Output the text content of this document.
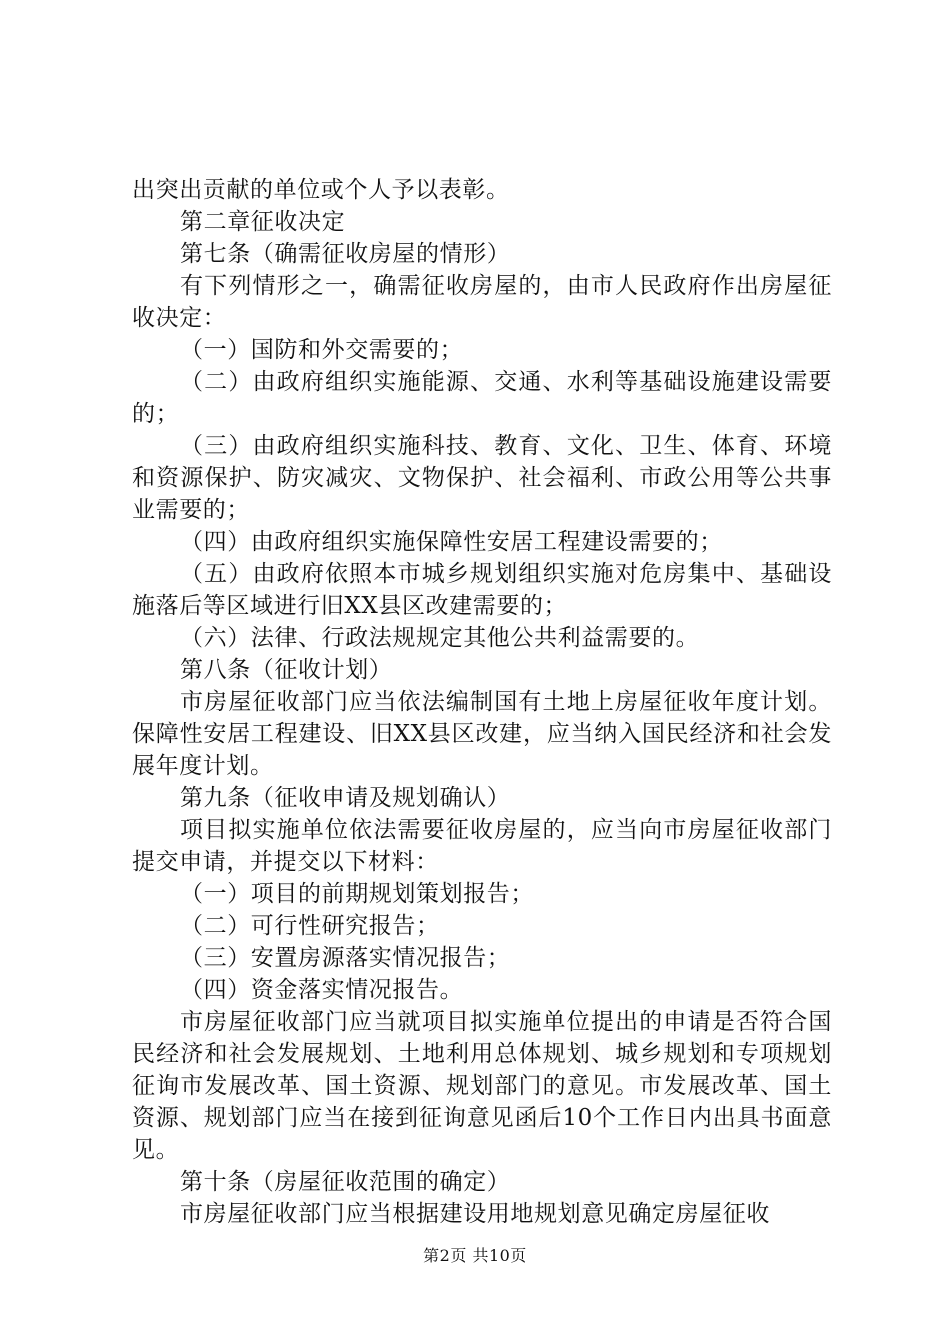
出突出贡献的单位或个人予以表彰。

第二章征收决定

第七条（确需征收房屋的情形）

有下列情形之一，确需征收房屋的，由市人民政府作出房屋征收决定：

（一）国防和外交需要的；

（二）由政府组织实施能源、交通、水利等基础设施建设需要的；

（三）由政府组织实施科技、教育、文化、卫生、体育、环境和资源保护、防灾减灾、文物保护、社会福利、市政公用等公共事业需要的；

（四）由政府组织实施保障性安居工程建设需要的；

（五）由政府依照本市城乡规划组织实施对危房集中、基础设施落后等区域进行旧XX县区改建需要的；

（六）法律、行政法规规定其他公共利益需要的。

第八条（征收计划）

市房屋征收部门应当依法编制国有土地上房屋征收年度计划。保障性安居工程建设、旧XX县区改建，应当纳入国民经济和社会发展年度计划。

第九条（征收申请及规划确认）

项目拟实施单位依法需要征收房屋的，应当向市房屋征收部门提交申请，并提交以下材料：

（一）项目的前期规划策划报告；

（二）可行性研究报告；

（三）安置房源落实情况报告；

（四）资金落实情况报告。

市房屋征收部门应当就项目拟实施单位提出的申请是否符合国民经济和社会发展规划、土地利用总体规划、城乡规划和专项规划征询市发展改革、国土资源、规划部门的意见。市发展改革、国土资源、规划部门应当在接到征询意见函后10个工作日内出具书面意见。

第十条（房屋征收范围的确定）

市房屋征收部门应当根据建设用地规划意见确定房屋征收

第2页 共10页
